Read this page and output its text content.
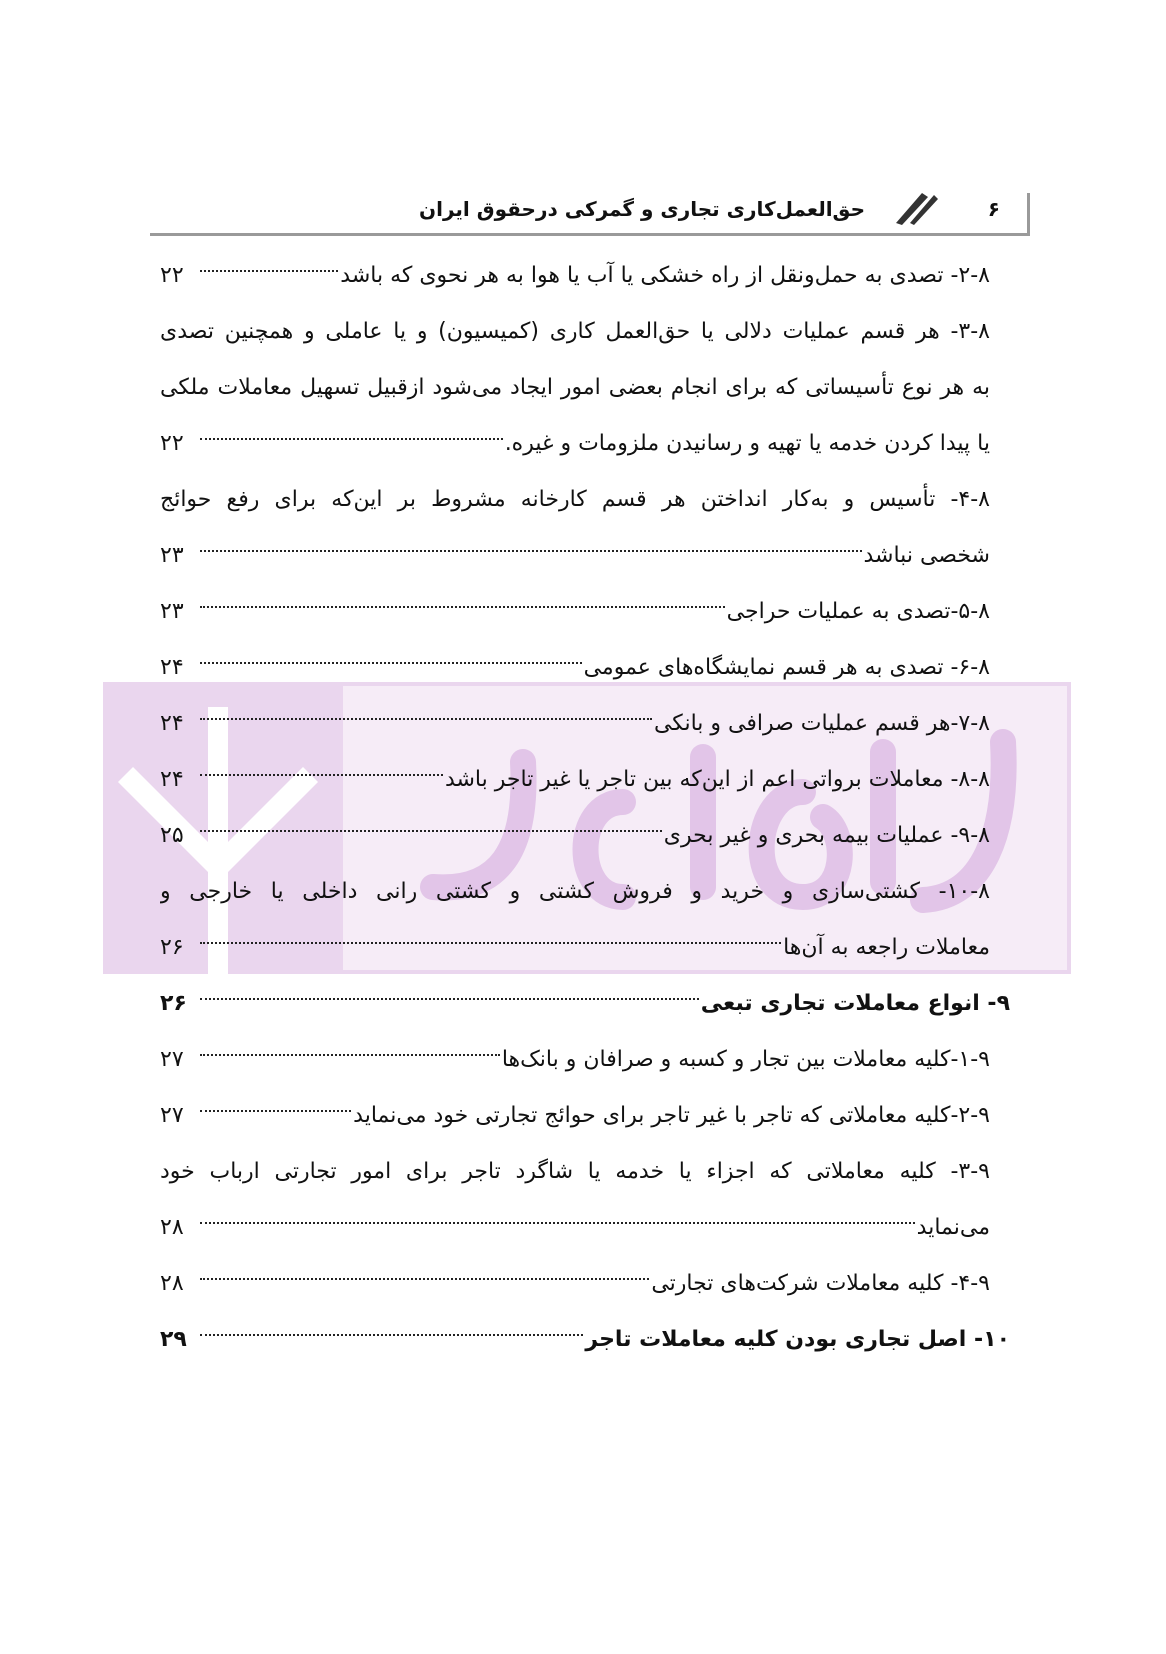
۶
حق‌العمل‌کاری تجاری و گمرکی درحقوق ایران
۲-۸- تصدی به حمل‌ونقل از راه خشکی یا آب یا هوا به هر نحوی که باشد
۲۲
۳-۸- هر قسم عملیات دلالی یا حق‌العمل کاری (کمیسیون) و یا عاملی و همچنین تصدی
به هر نوع تأسیساتی که برای انجام بعضی امور ایجاد می‌شود ازقبیل تسهیل معاملات ملکی
یا پیدا کردن خدمه یا تهیه و رسانیدن ملزومات و غیره.
۲۲
۴-۸- تأسیس و به‌کار انداختن هر قسم کارخانه مشروط بر این‌که برای رفع حوائج
شخصی نباشد
۲۳
۵-۸-تصدی به عملیات حراجی
۲۳
۶-۸- تصدی به هر قسم نمایشگاه‌های عمومی
۲۴
۷-۸-هر قسم عملیات صرافی و بانکی
۲۴
۸-۸- معاملات برواتی اعم از این‌که بین تاجر یا غیر تاجر باشد
۲۴
۹-۸- عملیات بیمه بحری و غیر بحری
۲۵
۱۰-۸- کشتی‌سازی و خرید و فروش کشتی و کشتی رانی داخلی یا خارجی و
معاملات راجعه به آن‌ها
۲۶
۹- انواع معاملات تجاری تبعی
۲۶
۱-۹-کلیه معاملات بین تجار و کسبه و صرافان و بانک‌ها
۲۷
۲-۹-کلیه معاملاتی که تاجر با غیر تاجر برای حوائج تجارتی خود می‌نماید
۲۷
۳-۹- کلیه معاملاتی که اجزاء یا خدمه یا شاگرد تاجر برای امور تجارتی ارباب خود
می‌نماید
۲۸
۴-۹- کلیه معاملات شرکت‌های تجارتی
۲۸
۱۰- اصل تجاری بودن کلیه معاملات تاجر
۲۹
